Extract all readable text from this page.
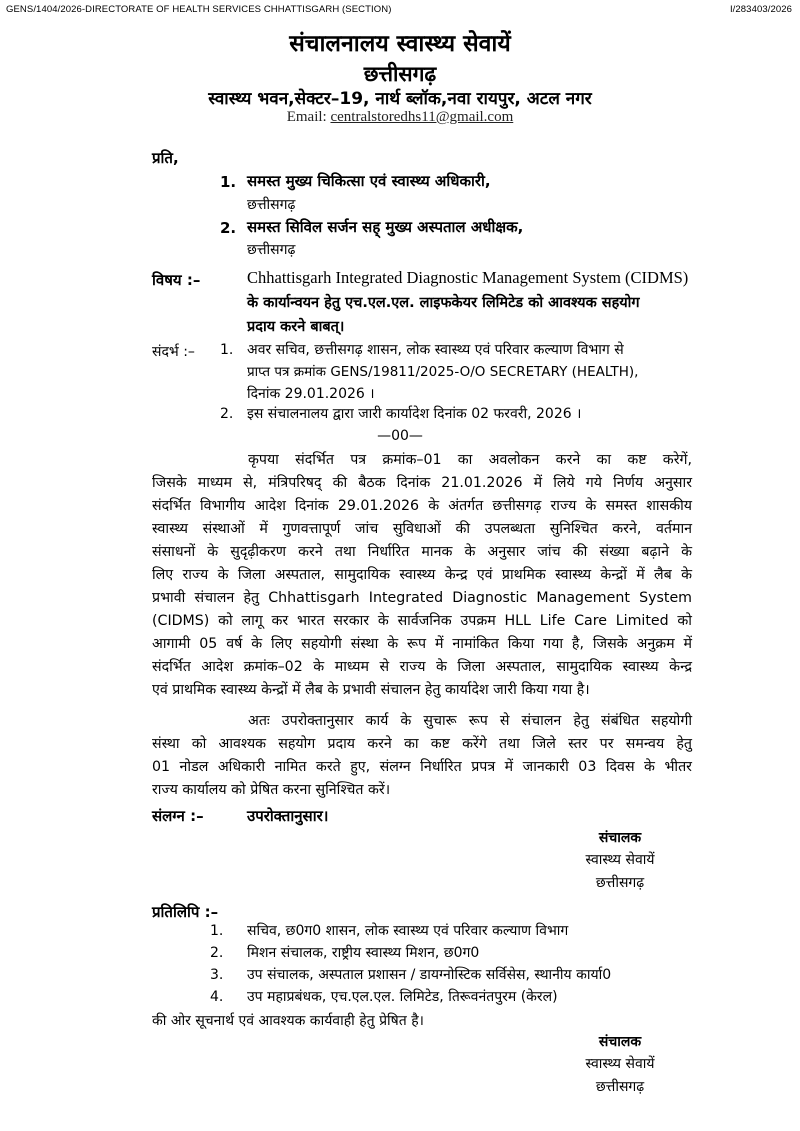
GENS/1404/2026-DIRECTORATE OF HEALTH SERVICES CHHATTISGARH (SECTION)	I/283403/2026
संचालनालय स्वास्थ्य सेवायें
छत्तीसगढ़
स्वास्थ्य भवन,सेक्टर–19, नार्थ ब्लॉक,नवा रायपुर, अटल नगर
Email: centralstoredhs11@gmail.com
प्रति,
1. समस्त मुख्य चिकित्सा एवं स्वास्थ्य अधिकारी,
छत्तीसगढ़
2. समस्त सिविल सर्जन सह् मुख्य अस्पताल अधीक्षक,
छत्तीसगढ़
विषय :–	Chhattisgarh Integrated Diagnostic Management System (CIDMS)
के कार्यान्वयन हेतु एच.एल.एल. लाइफकेयर लिमिटेड को आवश्यक सहयोग
प्रदाय करने बाबत्।
संदर्भ :– 1. अवर सचिव, छत्तीसगढ़ शासन, लोक स्वास्थ्य एवं परिवार कल्याण विभाग से
प्राप्त पत्र क्रमांक GENS/19811/2025-O/O SECRETARY (HEALTH),
दिनांक 29.01.2026 ।
2. इस संचालनालय द्वारा जारी कार्यादेश दिनांक 02 फरवरी, 2026 ।
—00—
कृपया संदर्भित पत्र क्रमांक–01 का अवलोकन करने का कष्ट करेगें,
जिसके माध्यम से, मंत्रिपरिषद् की बैठक दिनांक 21.01.2026 में लिये गये निर्णय अनुसार
संदर्भित विभागीय आदेश दिनांक 29.01.2026 के अंतर्गत छत्तीसगढ़ राज्य के समस्त शासकीय
स्वास्थ्य संस्थाओं में गुणवत्तापूर्ण जांच सुविधाओं की उपलब्धता सुनिश्चित करने, वर्तमान
संसाधनों के सुदृढ़ीकरण करने तथा निर्धारित मानक के अनुसार जांच की संख्या बढ़ाने के
लिए राज्य के जिला अस्पताल, सामुदायिक स्वास्थ्य केन्द्र एवं प्राथमिक स्वास्थ्य केन्द्रों में लैब के
प्रभावी संचालन हेतु Chhattisgarh Integrated Diagnostic Management System
(CIDMS) को लागू कर भारत सरकार के सार्वजनिक उपक्रम HLL Life Care Limited को
आगामी 05 वर्ष के लिए सहयोगी संस्था के रूप में नामांकित किया गया है, जिसके अनुक्रम में
संदर्भित आदेश क्रमांक–02 के माध्यम से राज्य के जिला अस्पताल, सामुदायिक स्वास्थ्य केन्द्र
एवं प्राथमिक स्वास्थ्य केन्द्रों में लैब के प्रभावी संचालन हेतु कार्यादेश जारी किया गया है।
अतः उपरोक्तानुसार कार्य के सुचारू रूप से संचालन हेतु संबंधित सहयोगी
संस्था को आवश्यक सहयोग प्रदाय करने का कष्ट करेंगे तथा जिले स्तर पर समन्वय हेतु
01 नोडल अधिकारी नामित करते हुए, संलग्न निर्धारित प्रपत्र में जानकारी 03 दिवस के भीतर
राज्य कार्यालय को प्रेषित करना सुनिश्चित करें।
संलग्न :–	उपरोक्तानुसार।
संचालक
स्वास्थ्य सेवायें
छत्तीसगढ़
प्रतिलिपि :–
1. सचिव, छ0ग0 शासन, लोक स्वास्थ्य एवं परिवार कल्याण विभाग
2. मिशन संचालक, राष्ट्रीय स्वास्थ्य मिशन, छ0ग0
3. उप संचालक, अस्पताल प्रशासन / डायग्नोस्टिक सर्विसेस, स्थानीय कार्या0
4. उप महाप्रबंधक, एच.एल.एल. लिमिटेड, तिरूवनंतपुरम (केरल)
की ओर सूचनार्थ एवं आवश्यक कार्यवाही हेतु प्रेषित है।
संचालक
स्वास्थ्य सेवायें
छत्तीसगढ़
